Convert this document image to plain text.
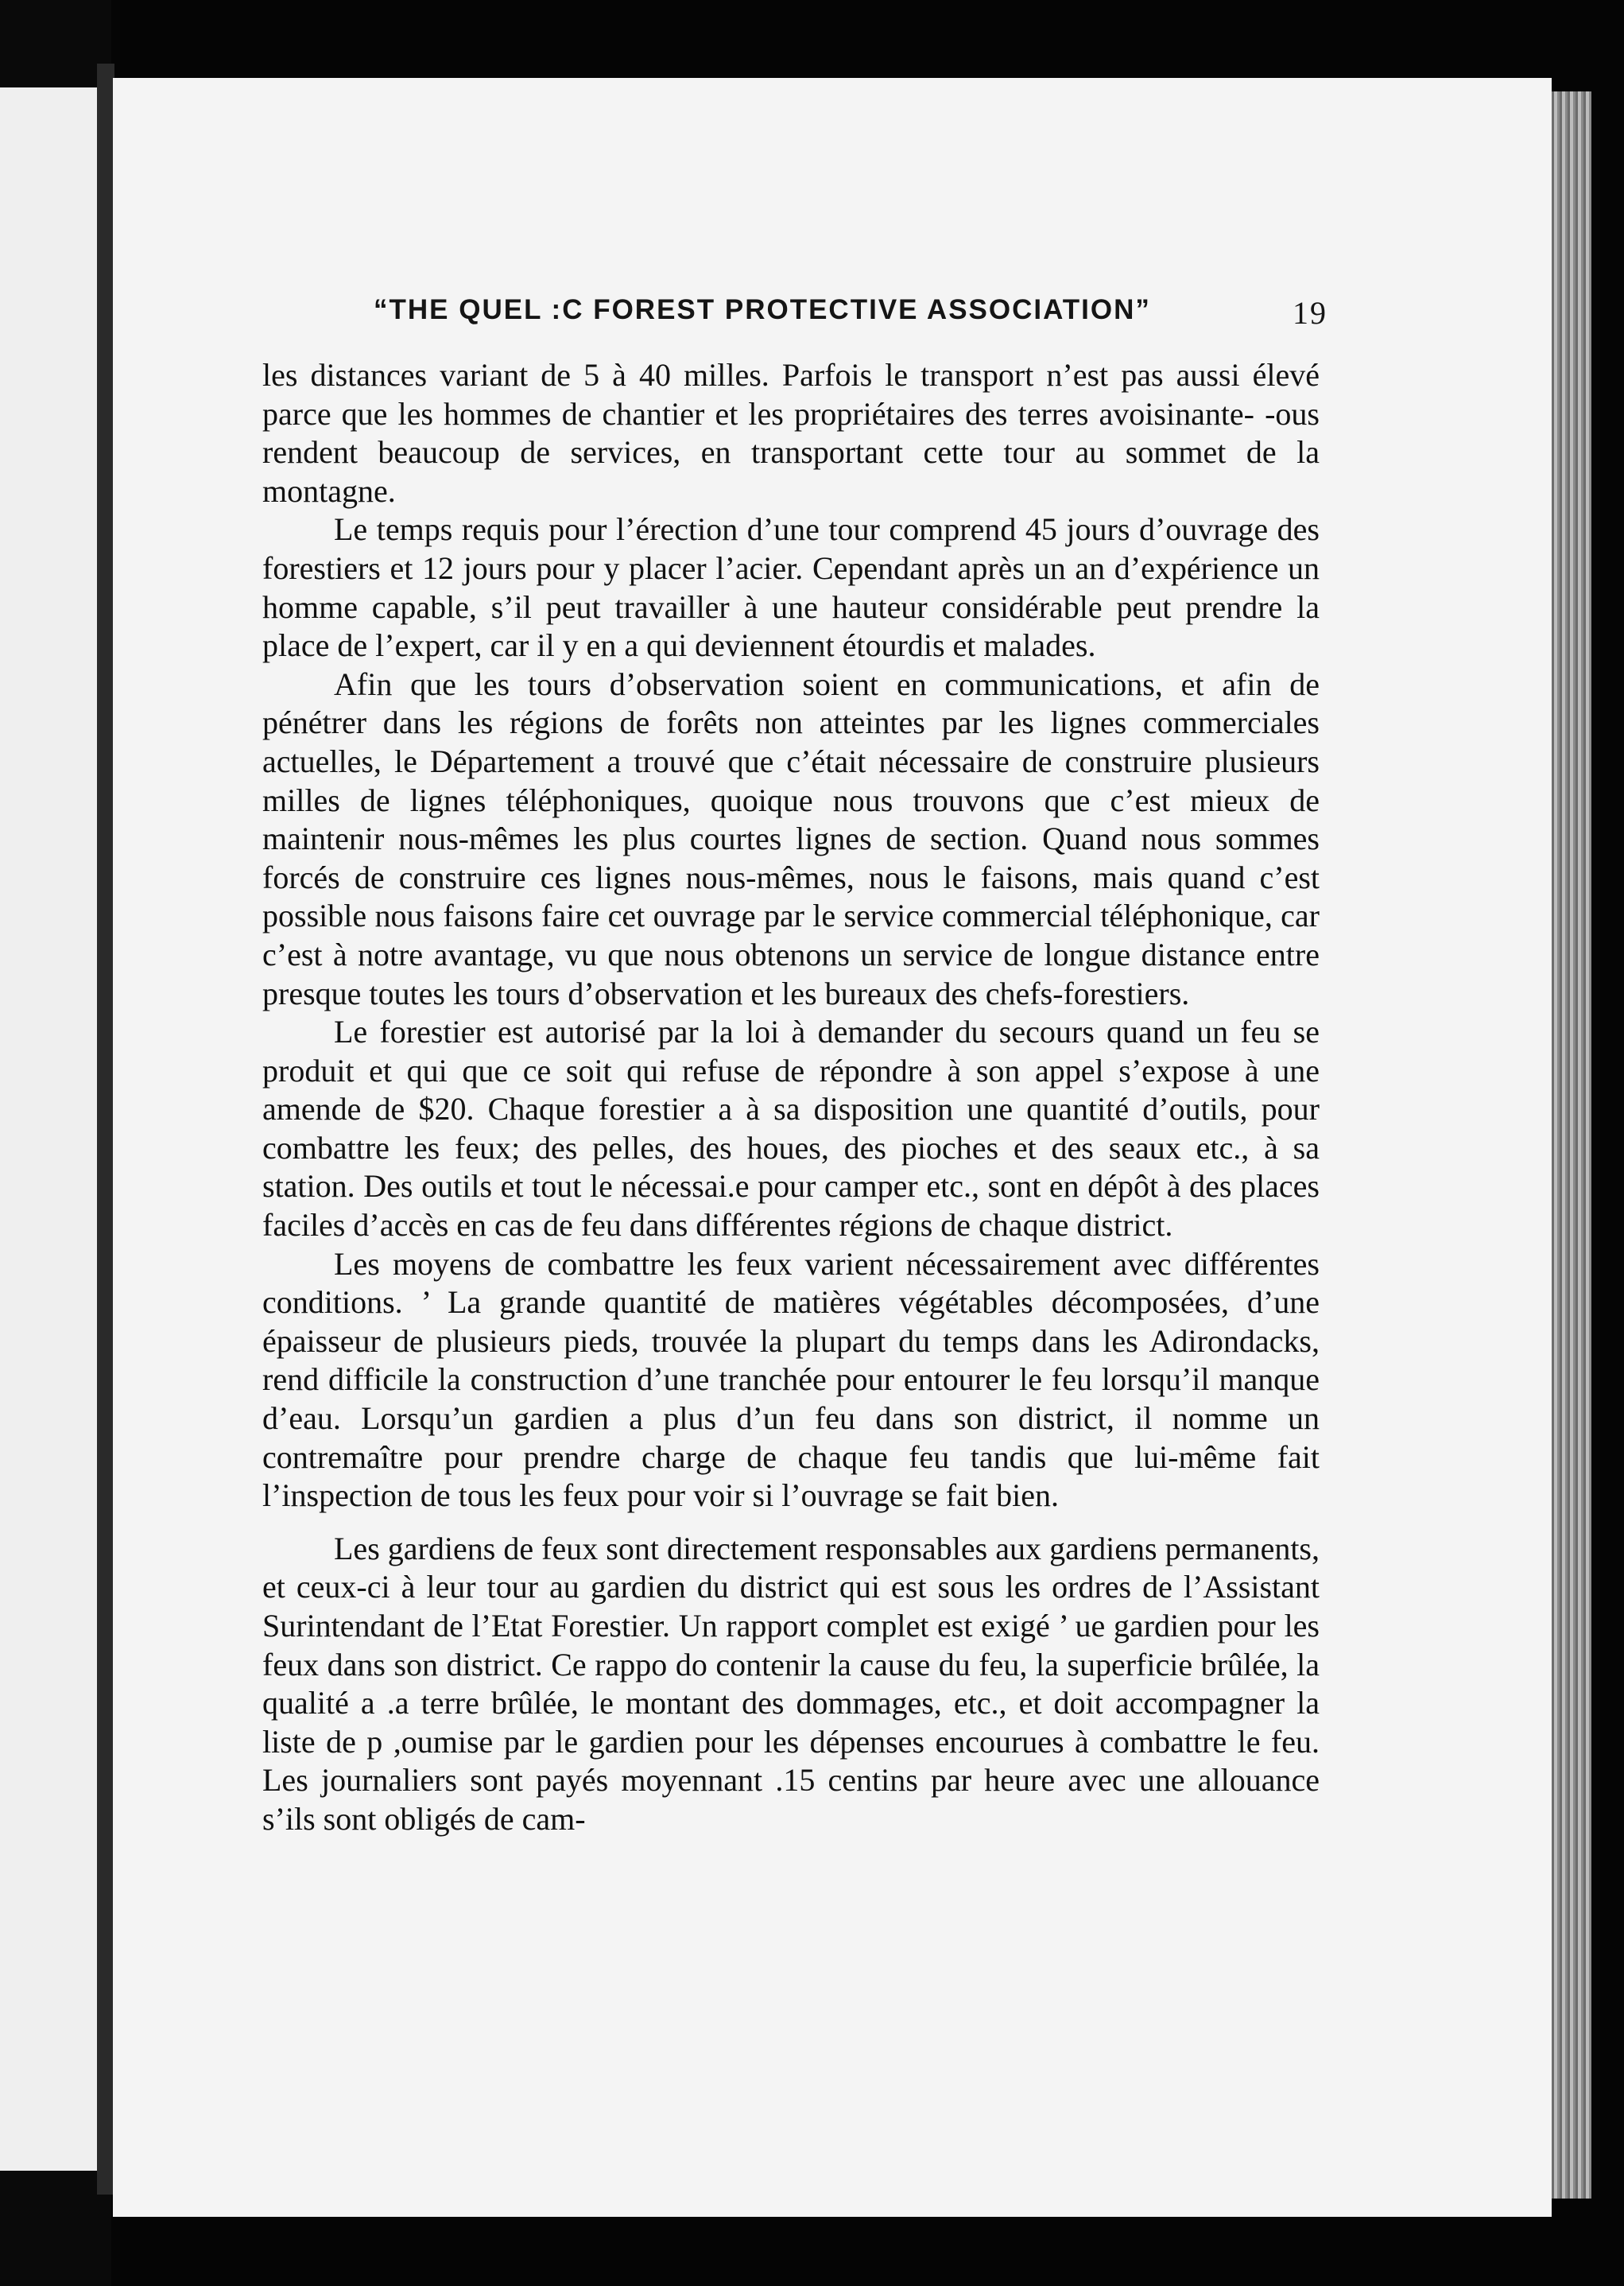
“THE QUEL :C FOREST PROTECTIVE ASSOCIATION”	19

les distances variant de 5 à 40 milles. Parfois le transport n’est pas aussi élevé parce que les hommes de chantier et les propriétaires des terres avoisinante- -ous rendent beaucoup de services, en transportant cette tour au sommet de la montagne.

Le temps requis pour l’érection d’une tour comprend 45 jours d’ouvrage des forestiers et 12 jours pour y placer l’acier. Cependant après un an d’expérience un homme capable, s’il peut travailler à une hauteur considérable peut prendre la place de l’expert, car il y en a qui deviennent étourdis et malades.

Afin que les tours d’observation soient en communications, et afin de pénétrer dans les régions de forêts non atteintes par les lignes commerciales actuelles, le Département a trouvé que c’était nécessaire de construire plusieurs milles de lignes téléphoniques, quoique nous trouvons que c’est mieux de maintenir nous-mêmes les plus courtes lignes de section. Quand nous sommes forcés de construire ces lignes nous-mêmes, nous le faisons, mais quand c’est possible nous faisons faire cet ouvrage par le service commercial téléphonique, car c’est à notre avantage, vu que nous obtenons un service de longue distance entre presque toutes les tours d’observation et les bureaux des chefs-forestiers.

Le forestier est autorisé par la loi à demander du secours quand un feu se produit et qui que ce soit qui refuse de répondre à son appel s’expose à une amende de $20. Chaque forestier a à sa disposition une quantité d’outils, pour combattre les feux; des pelles, des houes, des pioches et des seaux etc., à sa station. Des outils et tout le nécessai.e pour camper etc., sont en dépôt à des places faciles d’accès en cas de feu dans différentes régions de chaque district.

Les moyens de combattre les feux varient nécessairement avec différentes conditions. ’ La grande quantité de matières végétables décomposées, d’une épaisseur de plusieurs pieds, trouvée la plupart du temps dans les Adirondacks, rend difficile la construction d’une tranchée pour entourer le feu lorsqu’il manque d’eau. Lorsqu’un gardien a plus d’un feu dans son district, il nomme un contremaître pour prendre charge de chaque feu tandis que lui-même fait l’inspection de tous les feux pour voir si l’ouvrage se fait bien.

Les gardiens de feux sont directement responsables aux gardiens permanents, et ceux-ci à leur tour au gardien du district qui est sous les ordres de l’Assistant Surintendant de l’Etat Forestier. Un rapport complet est exigé ’ ue gardien pour les feux dans son district. Ce rappo do contenir la cause du feu, la superficie brûlée, la qualité a .a terre brûlée, le montant des dommages, etc., et doit accompagner la liste de p ,oumise par le gardien pour les dépenses encourues à combattre le feu. Les journaliers sont payés moyennant .15 centins par heure avec une allouance s’ils sont obligés de cam-
